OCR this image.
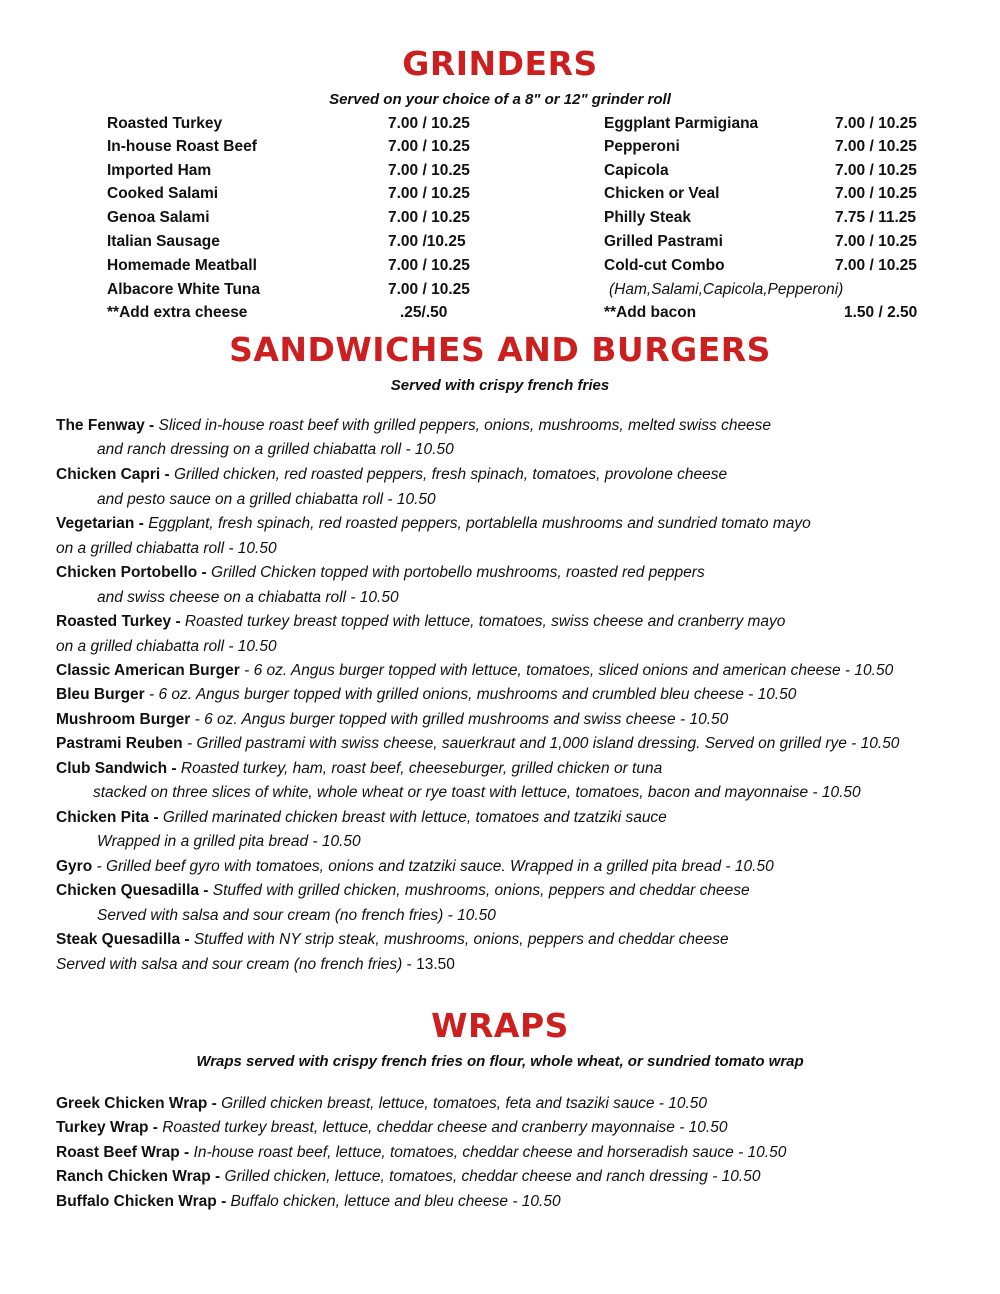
GRINDERS
Served on your choice of a 8" or 12" grinder roll
Roasted Turkey	7.00 / 10.25
In-house Roast Beef	7.00 / 10.25
Imported Ham	7.00 / 10.25
Cooked Salami	7.00 / 10.25
Genoa Salami	7.00 / 10.25
Italian Sausage	7.00 /10.25
Homemade Meatball	7.00 / 10.25
Albacore White Tuna	7.00 / 10.25
**Add extra cheese	.25/.50
Eggplant Parmigiana	7.00 / 10.25
Pepperoni	7.00 / 10.25
Capicola	7.00 / 10.25
Chicken or Veal	7.00 / 10.25
Philly Steak	7.75 / 11.25
Grilled Pastrami	7.00 / 10.25
Cold-cut Combo	7.00 / 10.25
(Ham,Salami,Capicola,Pepperoni)
**Add bacon	1.50 / 2.50
SANDWICHES AND BURGERS
Served with crispy french fries
The Fenway - Sliced in-house roast beef with grilled peppers, onions, mushrooms, melted swiss cheese
and ranch dressing on a grilled chiabatta roll - 10.50
Chicken Capri - Grilled chicken, red roasted peppers, fresh spinach, tomatoes, provolone cheese
and pesto sauce on a grilled chiabatta roll - 10.50
Vegetarian - Eggplant, fresh spinach, red roasted peppers, portablella mushrooms and sundried tomato mayo
on a grilled chiabatta roll - 10.50
Chicken Portobello - Grilled Chicken topped with portobello mushrooms, roasted red peppers
and swiss cheese on a chiabatta roll - 10.50
Roasted Turkey - Roasted turkey breast topped with lettuce, tomatoes, swiss cheese and cranberry mayo
on a grilled chiabatta roll - 10.50
Classic American Burger - 6 oz. Angus burger topped with lettuce, tomatoes, sliced onions and american cheese - 10.50
Bleu Burger - 6 oz. Angus burger topped with grilled onions, mushrooms and crumbled bleu cheese - 10.50
Mushroom Burger - 6 oz. Angus burger topped with grilled mushrooms and swiss cheese - 10.50
Pastrami Reuben - Grilled pastrami with swiss cheese, sauerkraut and 1,000 island dressing. Served on grilled rye - 10.50
Club Sandwich - Roasted turkey, ham, roast beef, cheeseburger, grilled chicken or tuna
stacked on three slices of white, whole wheat or rye toast with lettuce, tomatoes, bacon and mayonnaise - 10.50
Chicken Pita - Grilled marinated chicken breast with lettuce, tomatoes and tzatziki sauce
Wrapped in a grilled pita bread - 10.50
Gyro - Grilled beef gyro with tomatoes, onions and tzatziki sauce. Wrapped in a grilled pita bread - 10.50
Chicken Quesadilla - Stuffed with grilled chicken, mushrooms, onions, peppers and cheddar cheese
Served with salsa and sour cream (no french fries) - 10.50
Steak Quesadilla - Stuffed with NY strip steak, mushrooms, onions, peppers and cheddar cheese
Served with salsa and sour cream (no french fries) - 13.50
WRAPS
Wraps served with crispy french fries on flour, whole wheat, or sundried tomato wrap
Greek Chicken Wrap - Grilled chicken breast, lettuce, tomatoes, feta and tsaziki sauce - 10.50
Turkey Wrap - Roasted turkey breast, lettuce, cheddar cheese and cranberry mayonnaise - 10.50
Roast Beef Wrap - In-house roast beef, lettuce, tomatoes, cheddar cheese and horseradish sauce - 10.50
Ranch Chicken Wrap - Grilled chicken, lettuce, tomatoes, cheddar cheese and ranch dressing - 10.50
Buffalo Chicken Wrap - Buffalo chicken, lettuce and bleu cheese - 10.50
